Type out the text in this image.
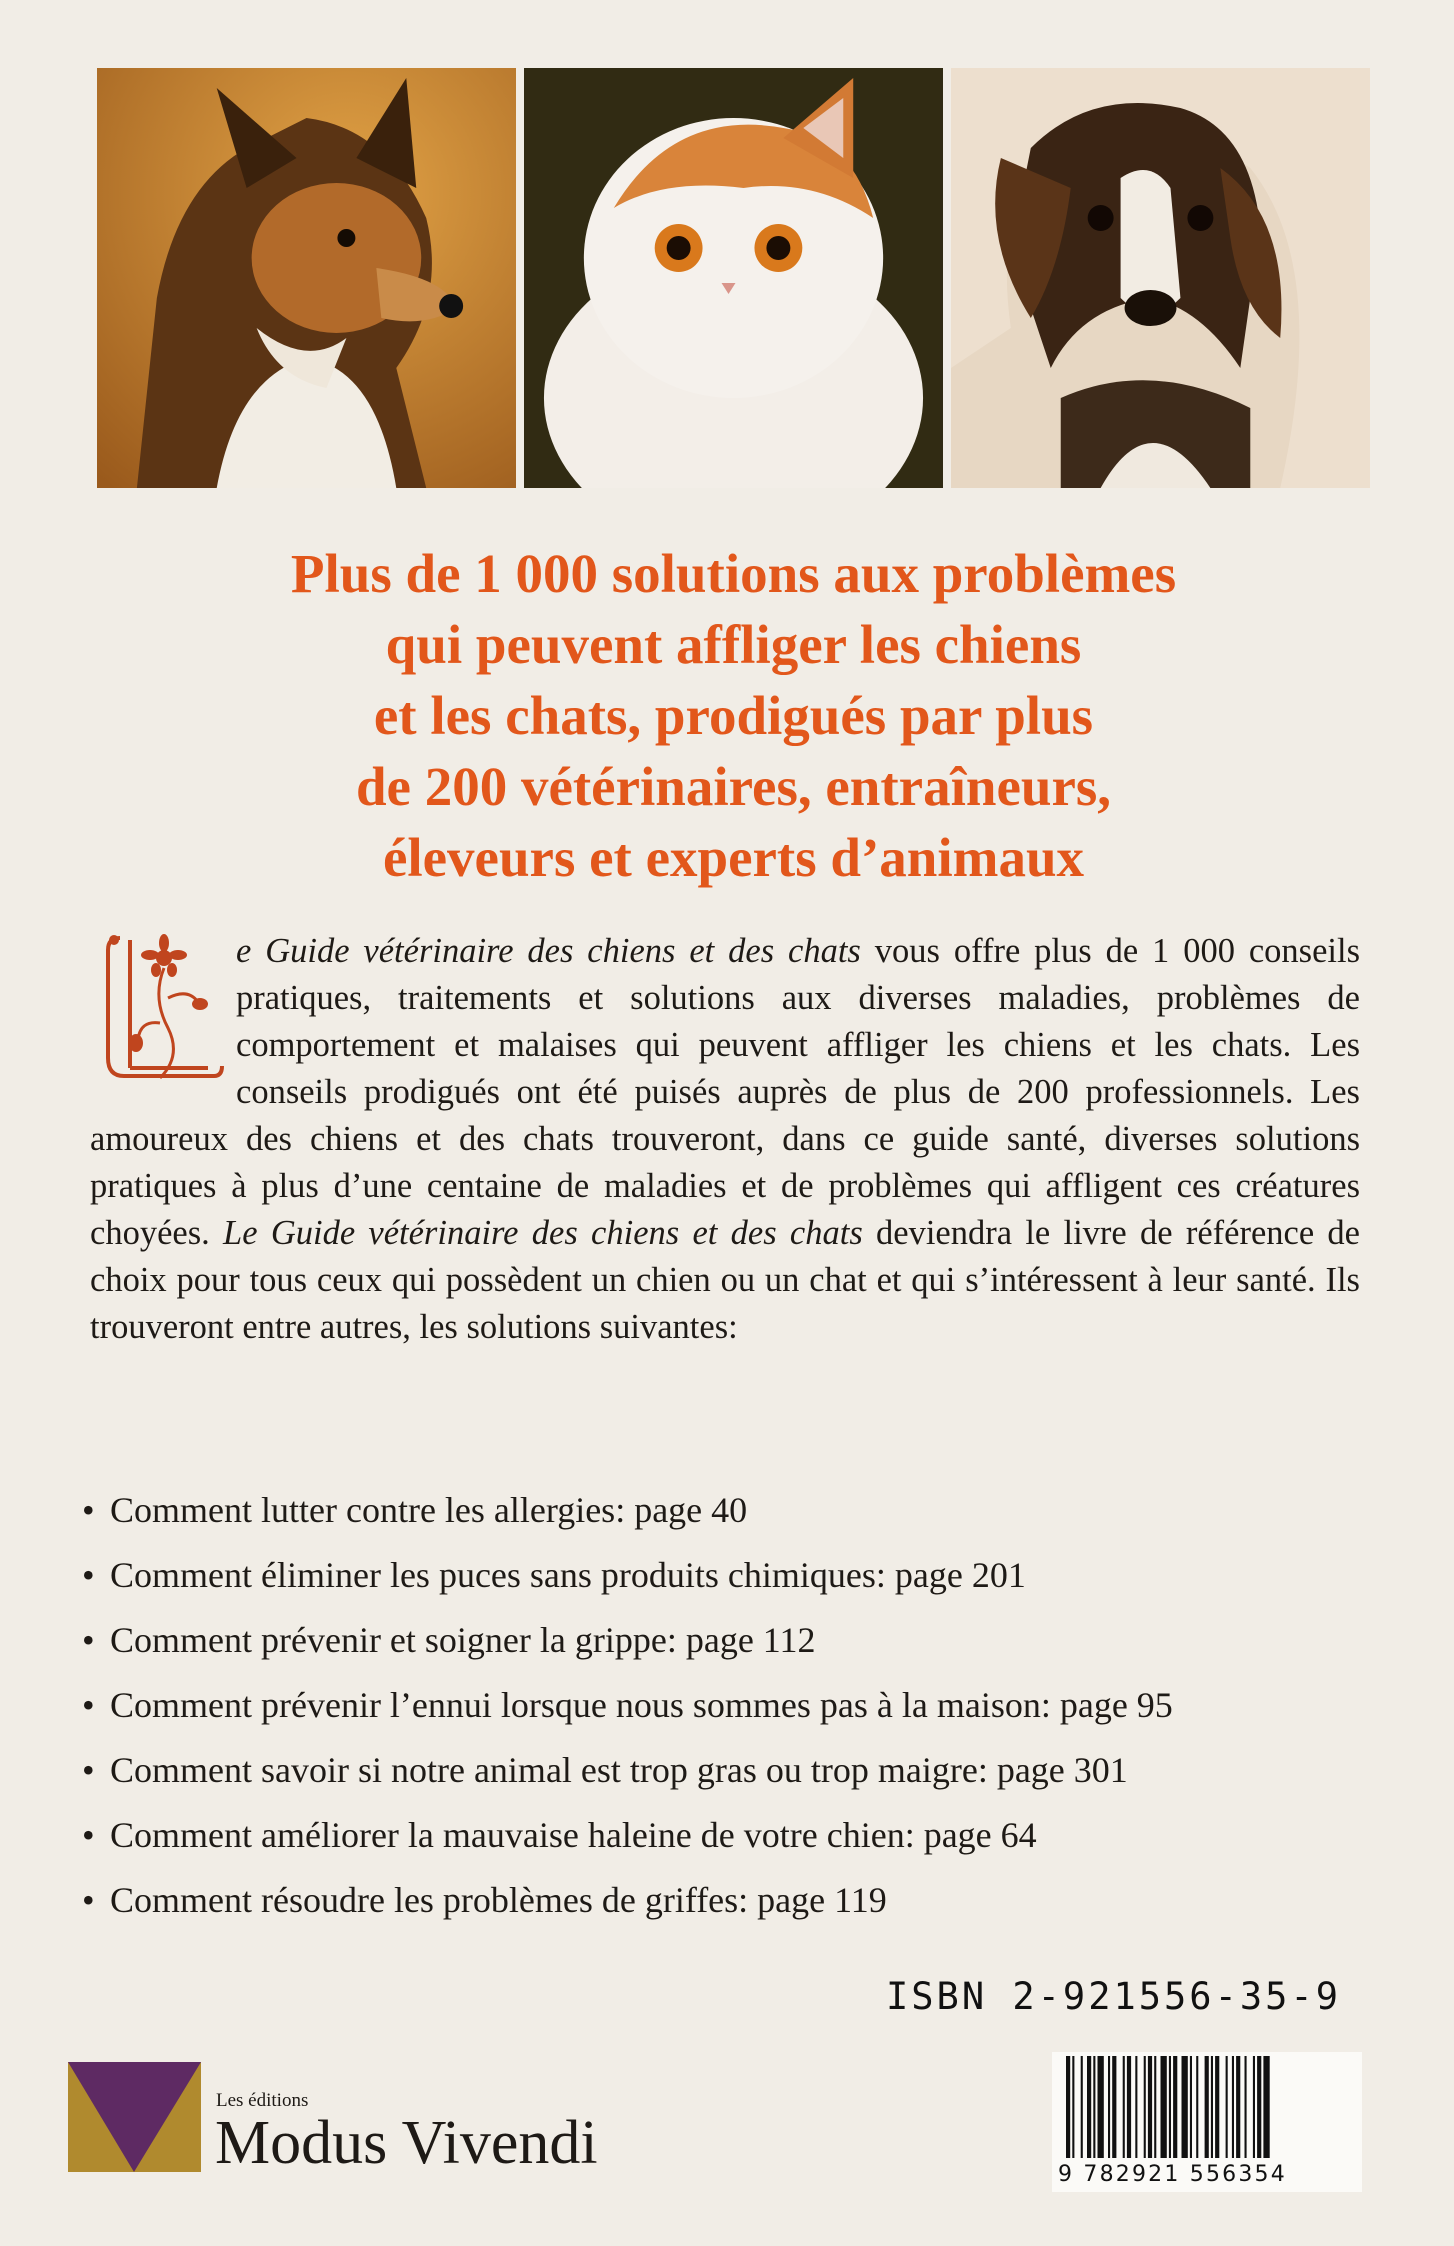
Plus de 1 000 solutions aux problèmes
qui peuvent affliger les chiens
et les chats, prodigués par plus
de 200 vétérinaires, entraîneurs,
éleveurs et experts d’animaux

e Guide vétérinaire des chiens et des chats vous offre plus de 1 000 conseils pratiques, traitements et solutions aux diverses maladies, problèmes de comportement et malaises qui peuvent affliger les chiens et les chats. Les conseils prodigués ont été puisés auprès de plus de 200 professionnels. Les amoureux des chiens et des chats trouveront, dans ce guide santé, diverses solutions pratiques à plus d’une centaine de maladies et de problèmes qui affligent ces créatures choyées. Le Guide vétérinaire des chiens et des chats deviendra le livre de référence de choix pour tous ceux qui possèdent un chien ou un chat et qui s’intéressent à leur santé. Ils trouveront entre autres, les solutions suivantes:

• Comment lutter contre les allergies: page 40
• Comment éliminer les puces sans produits chimiques: page 201
• Comment prévenir et soigner la grippe: page 112
• Comment prévenir l’ennui lorsque nous sommes pas à la maison: page 95
• Comment savoir si notre animal est trop gras ou trop maigre: page 301
• Comment améliorer la mauvaise haleine de votre chien: page 64
• Comment résoudre les problèmes de griffes: page 119
ISBN 2-921556-35-9
Les éditions
Modus Vivendi	9 782921 556354
